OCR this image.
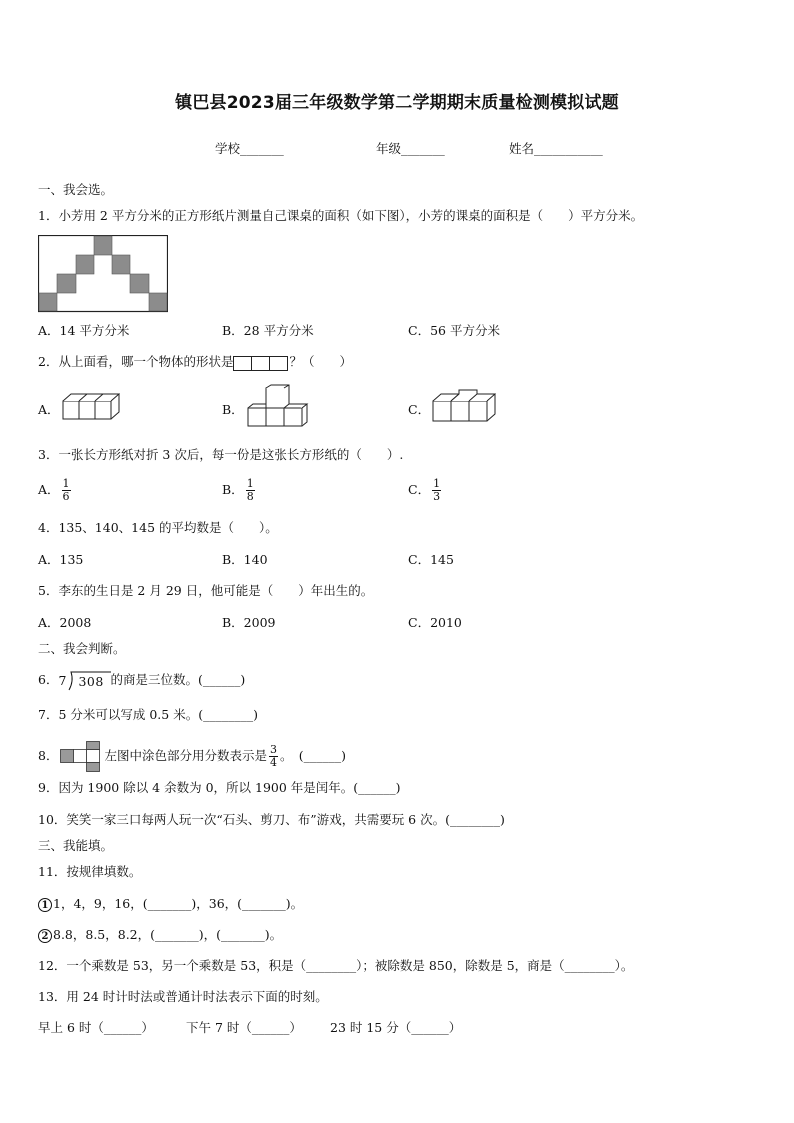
镇巴县2023届三年级数学第二学期期末质量检测模拟试题
学校_______	年级_______	姓名___________
一、我会选。
1．小芳用 2 平方分米的正方形纸片测量自己课桌的面积（如下图），小芳的课桌的面积是（　　）平方分米。
A．14 平方分米	B．28 平方分米	C．56 平方分米
2．从上面看，哪一个物体的形状是	？（　　）
A．	B．	C．
3．一张长方形纸对折 3 次后，每一份是这张长方形纸的（　　）.
A． $\frac{1}{6}$	B． $\frac{1}{8}$	C． $\frac{1}{3}$
4．135、140、145 的平均数是（　　）。
A．135	B．140	C．145
5．李东的生日是 2 月 29 日，他可能是（　　）年出生的。
A．2008	B．2009	C．2010
二、我会判断。
6． 7 308 的商是三位数。(______)
7．5 分米可以写成 0.5 米。(________)
8．	左图中涂色部分用分数表示是 $\frac{3}{4}$ 。　(______)
9．因为 1900 除以 4 余数为 0，所以 1900 年是闰年。(______)
10．笑笑一家三口每两人玩一次“石头、剪刀、布”游戏，共需要玩 6 次。(________)
三、我能填。
11．按规律填数。
1 1，4，9，16，(_______)，36，(_______)。
2 8.8，8.5，8.2，(_______)，(_______)。
12．一个乘数是 53，另一个乘数是 53，积是（________）；被除数是 850，除数是 5，商是（________）。
13．用 24 时计时法或普通计时法表示下面的时刻。
早上 6 时（______）	下午 7 时（______） 23 时 15 分（______）
